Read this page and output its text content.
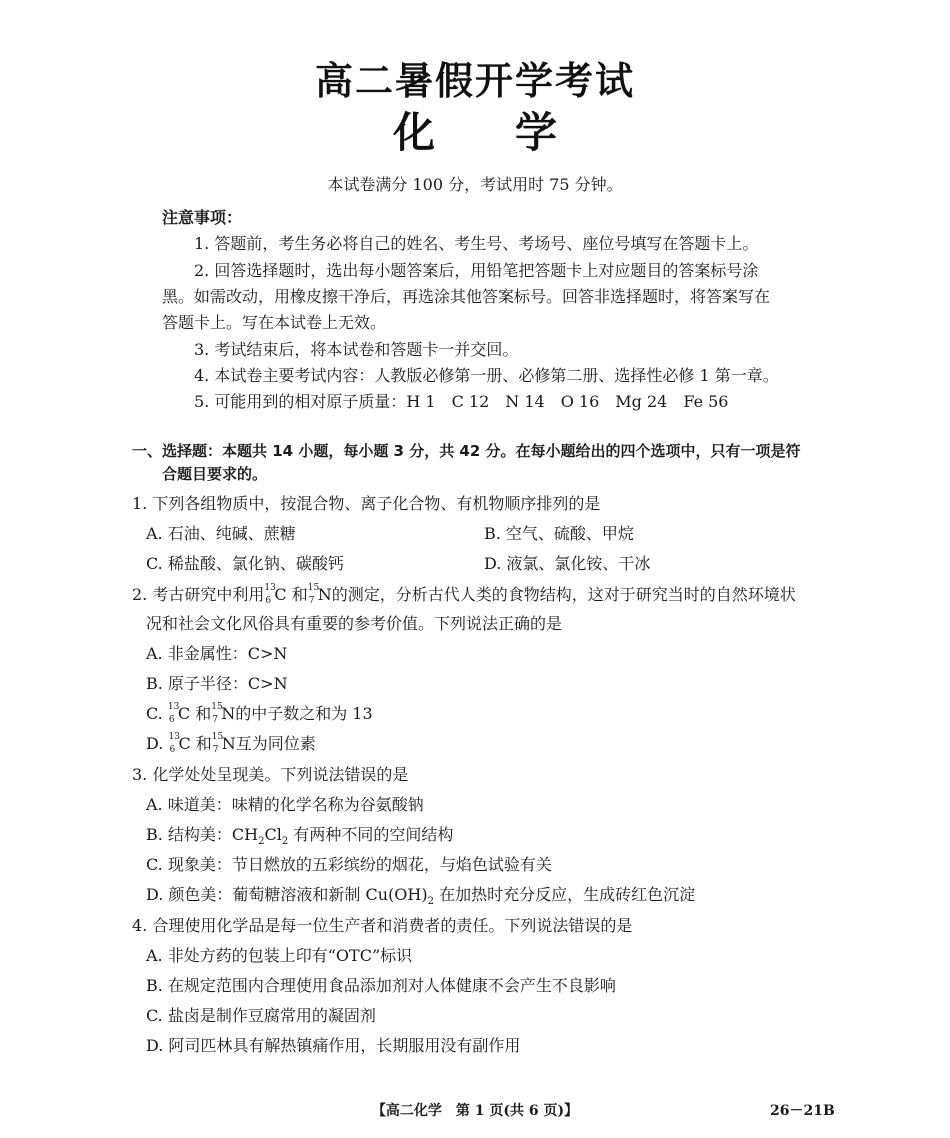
高二暑假开学考试
化 学
本试卷满分 100 分，考试用时 75 分钟。
注意事项：
1. 答题前，考生务必将自己的姓名、考生号、考场号、座位号填写在答题卡上。
2. 回答选择题时，选出每小题答案后，用铅笔把答题卡上对应题目的答案标号涂
黑。如需改动，用橡皮擦干净后，再选涂其他答案标号。回答非选择题时，将答案写在
答题卡上。写在本试卷上无效。
3. 考试结束后，将本试卷和答题卡一并交回。
4. 本试卷主要考试内容：人教版必修第一册、必修第二册、选择性必修 1 第一章。
5. 可能用到的相对原子质量：H 1　C 12　N 14　O 16　Mg 24　Fe 56
一、选择题：本题共 14 小题，每小题 3 分，共 42 分。在每小题给出的四个选项中，只有一项是符
合题目要求的。
1. 下列各组物质中，按混合物、离子化合物、有机物顺序排列的是
A. 石油、纯碱、蔗糖	B. 空气、硫酸、甲烷
C. 稀盐酸、氯化钠、碳酸钙	D. 液氯、氯化铵、干冰
2. 考古研究中利用 13
6 C 和 15
7 N的测定，分析古代人类的食物结构，这对于研究当时的自然环境状
况和社会文化风俗具有重要的参考价值。下列说法正确的是
A. 非金属性：C>N
B. 原子半径：C>N
C. 13
6 C 和 15
7 N的中子数之和为 13
D. 13
6 C 和 15
7 N互为同位素
3. 化学处处呈现美。下列说法错误的是
A. 味道美：味精的化学名称为谷氨酸钠
B. 结构美：$CH_2Cl_2$ 有两种不同的空间结构
C. 现象美：节日燃放的五彩缤纷的烟花，与焰色试验有关
D. 颜色美：葡萄糖溶液和新制 $Cu(OH)_2$ 在加热时充分反应，生成砖红色沉淀
4. 合理使用化学品是每一位生产者和消费者的责任。下列说法错误的是
A. 非处方药的包装上印有“OTC”标识
B. 在规定范围内合理使用食品添加剂对人体健康不会产生不良影响
C. 盐卤是制作豆腐常用的凝固剂
D. 阿司匹林具有解热镇痛作用，长期服用没有副作用
【高二化学　第 1 页(共 6 页)】	26－21B
